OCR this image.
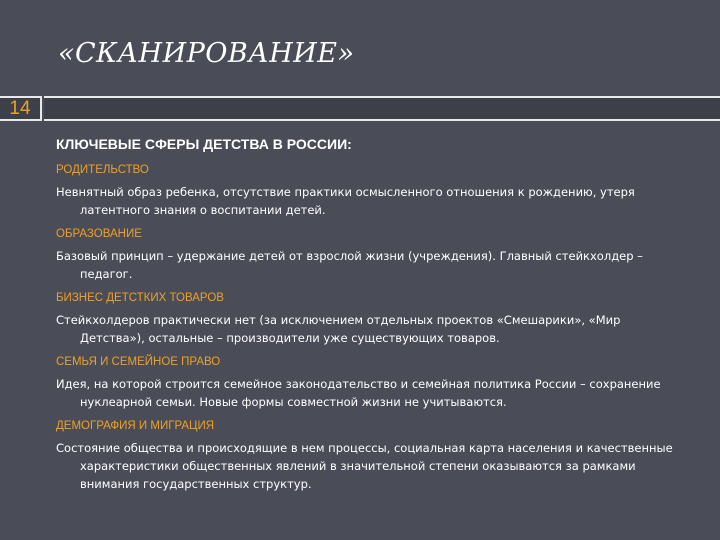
«СКАНИРОВАНИЕ»
14
КЛЮЧЕВЫЕ СФЕРЫ ДЕТСТВА В РОССИИ:
РОДИТЕЛЬСТВО
Невнятный образ ребенка, отсутствие практики осмысленного отношения к рождению, утеря латентного знания о воспитании детей.
ОБРАЗОВАНИЕ
Базовый принцип – удержание детей от взрослой жизни (учреждения). Главный стейкхолдер – педагог.
БИЗНЕС ДЕТСТКИХ ТОВАРОВ
Стейкхолдеров практически нет (за исключением отдельных проектов «Смешарики», «Мир Детства»), остальные – производители уже существующих товаров.
СЕМЬЯ И СЕМЕЙНОЕ ПРАВО
Идея, на которой строится семейное законодательство и семейная политика России – сохранение нуклеарной семьи. Новые формы совместной жизни не учитываются.
ДЕМОГРАФИЯ И МИГРАЦИЯ
Состояние общества и происходящие в нем процессы, социальная карта населения и качественные характеристики общественных явлений в значительной степени оказываются за рамками внимания государственных структур.
